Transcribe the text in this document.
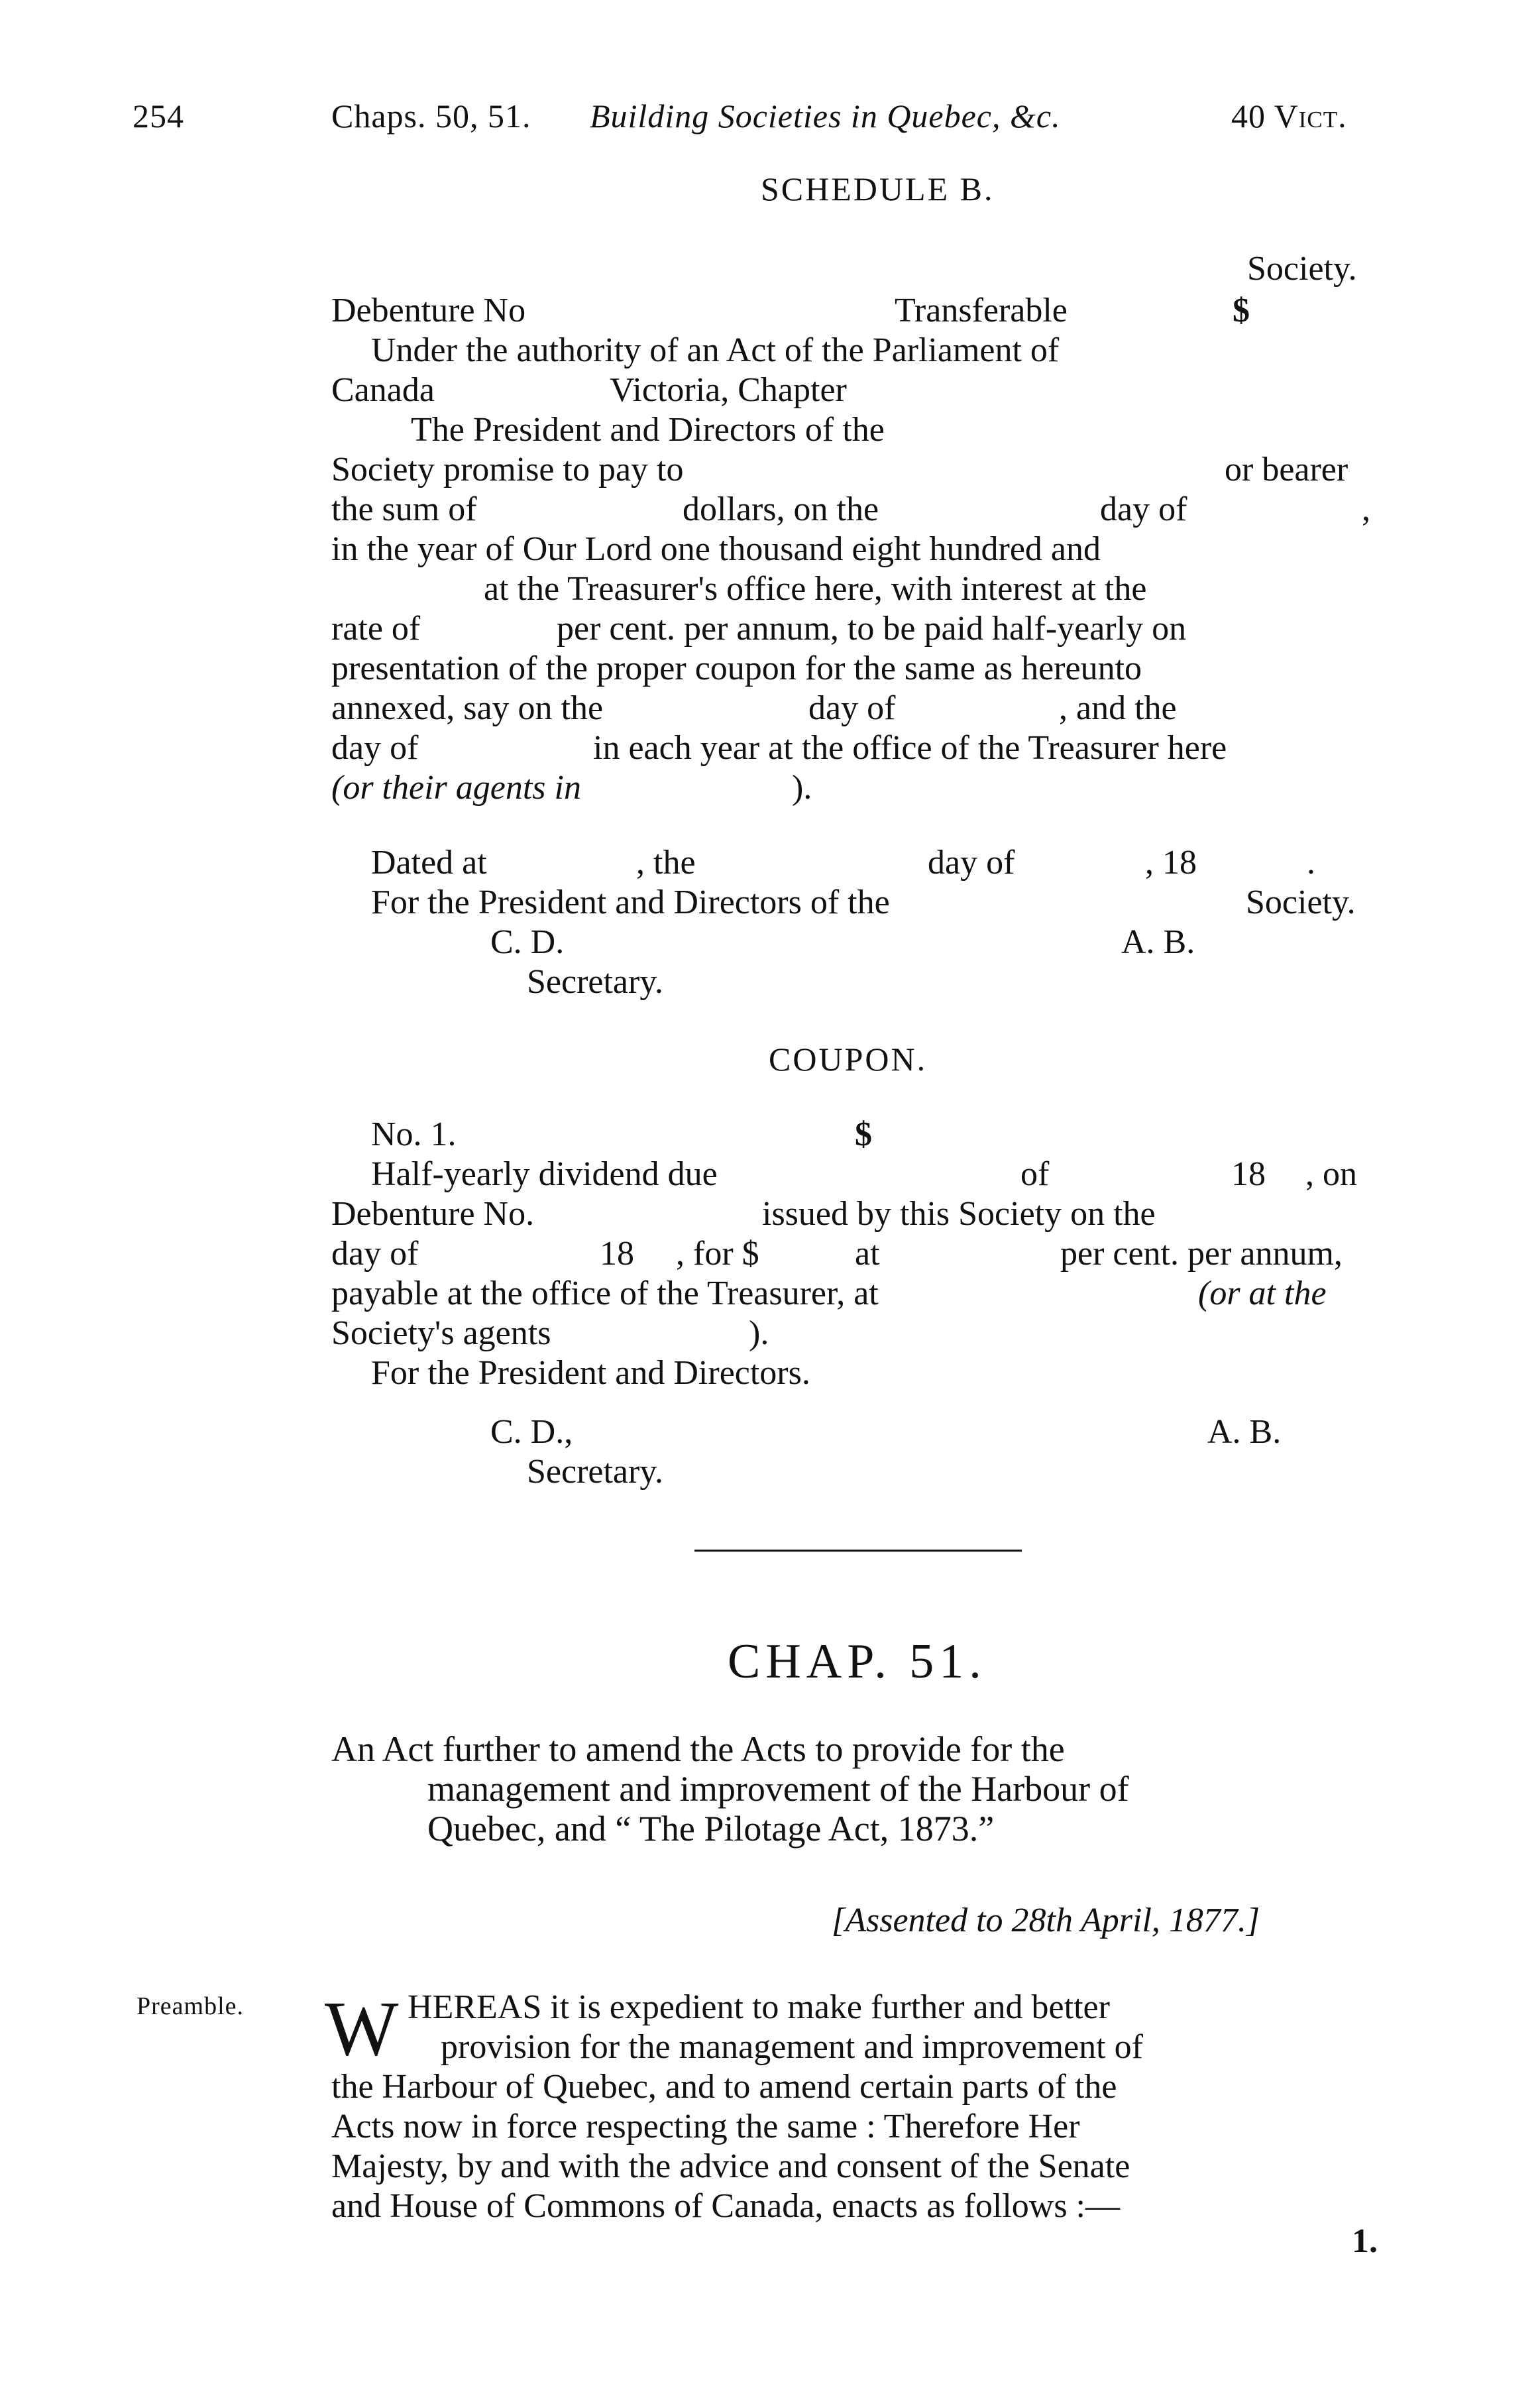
254	Chaps. 50, 51. Building Societies in Quebec, &c.	40 Vict.
SCHEDULE B.
Society.
Debenture No	Transferable	$
Under the authority of an Act of the Parliament of
Canada	Victoria, Chapter
The President and Directors of the
Society promise to pay to	or bearer
the sum of	dollars, on the	day of	,
in the year of Our Lord one thousand eight hundred and
at the Treasurer's office here, with interest at the
rate of	per cent. per annum, to be paid half-yearly on
presentation of the proper coupon for the same as hereunto
annexed, say on the	day of	, and the
day of	in each year at the office of the Treasurer here
(or their agents in	).
Dated at	, the	day of	, 18	.
For the President and Directors of the	Society.
C. D.	A. B.
Secretary.
COUPON.
No. 1.	$
Half-yearly dividend due	of	18 , on
Debenture No.	issued by this Society on the
day of	18 , for $	at	per cent. per annum,
payable at the office of the Treasurer, at	(or at the
Society's agents	).
For the President and Directors.
C. D.,	A. B.
Secretary.
CHAP. 51.
An Act further to amend the Acts to provide for the
management and improvement of the Harbour of
Quebec, and “ The Pilotage Act, 1873.”
[Assented to 28th April, 1877.]
Preamble. W HEREAS it is expedient to make further and better
provision for the management and improvement of
the Harbour of Quebec, and to amend certain parts of the
Acts now in force respecting the same : Therefore Her
Majesty, by and with the advice and consent of the Senate
and House of Commons of Canada, enacts as follows :—
1.
